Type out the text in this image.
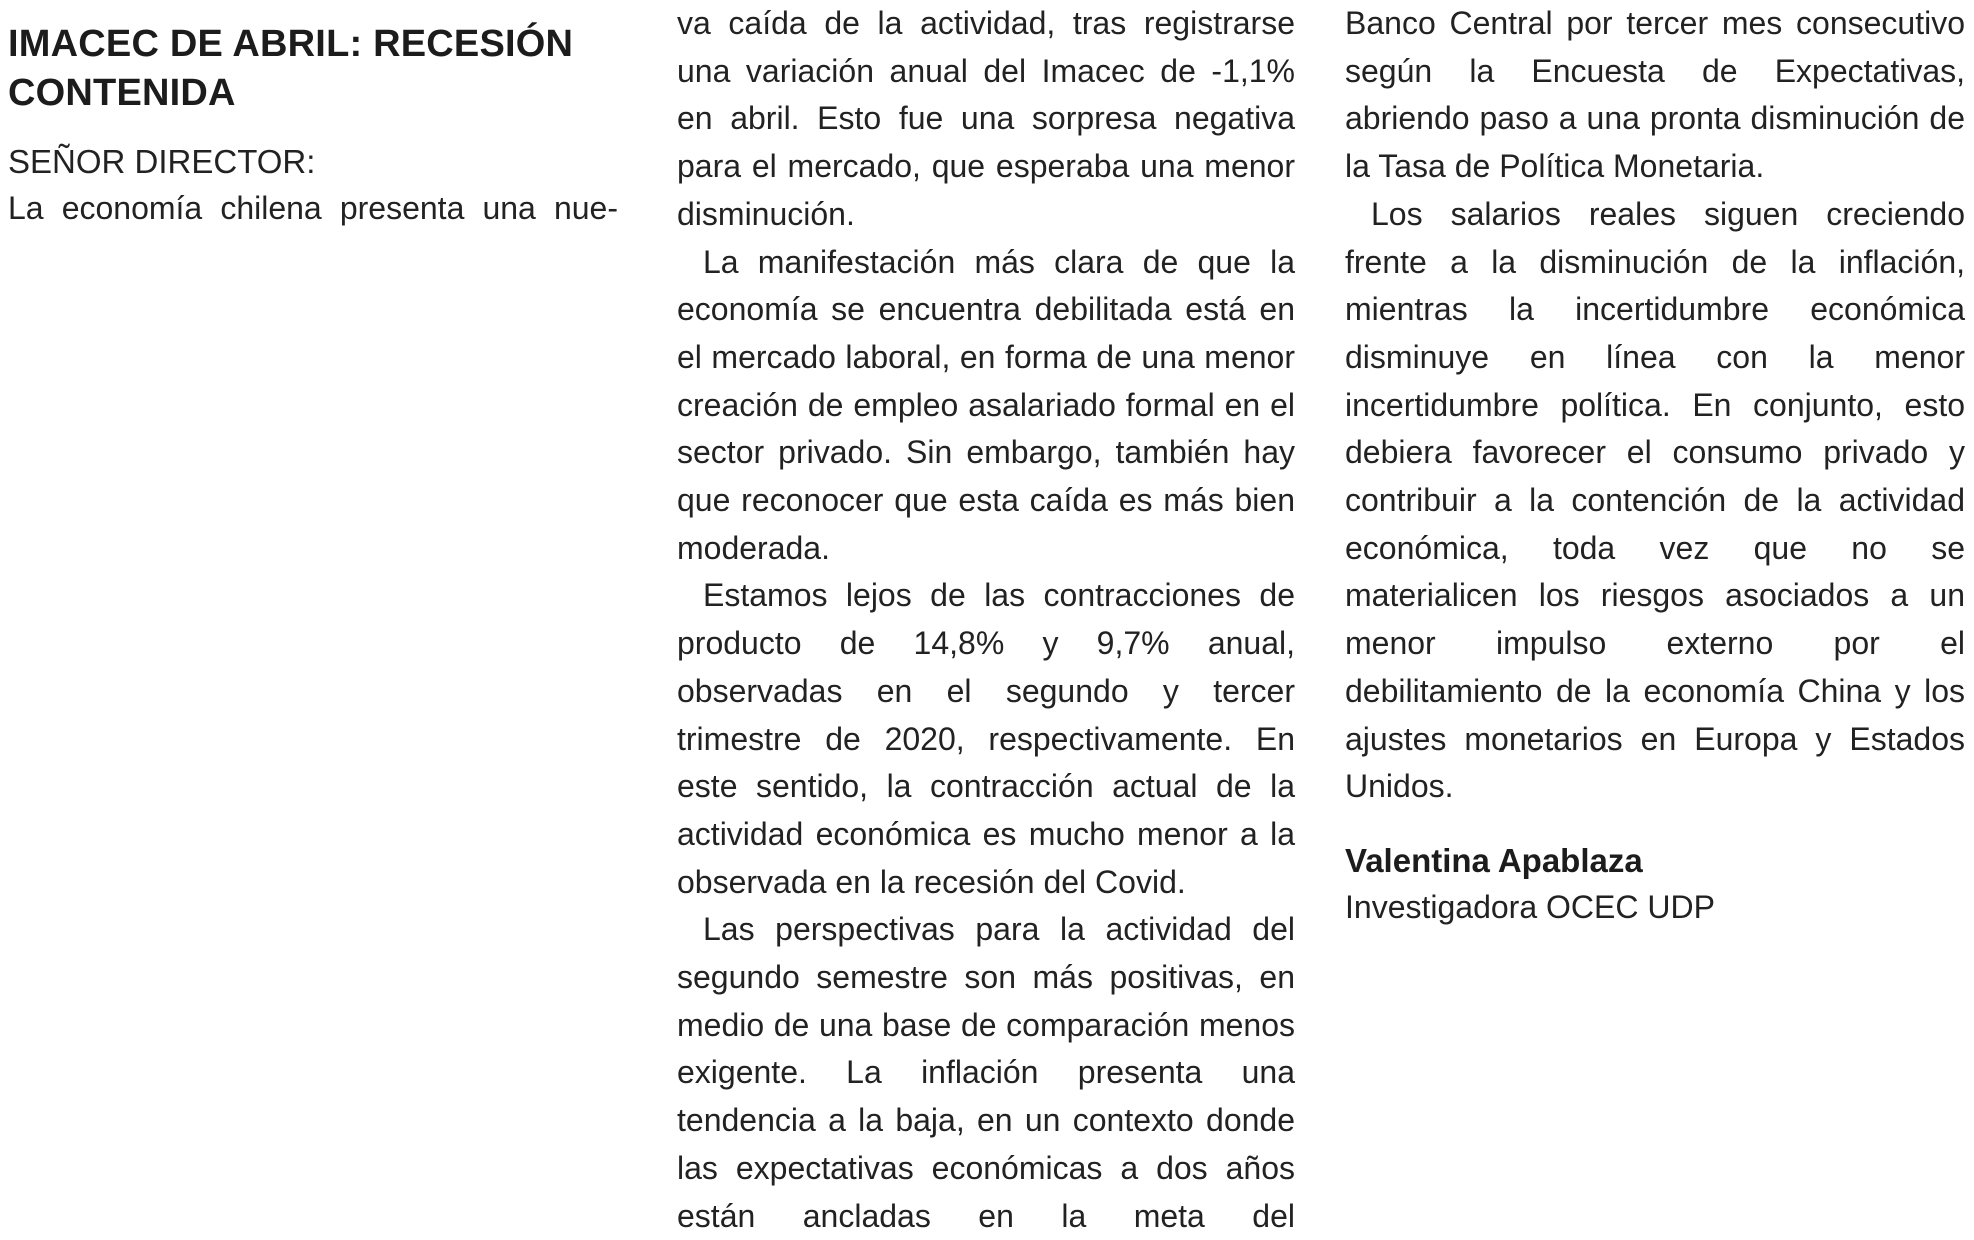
IMACEC DE ABRIL: RECESIÓN CONTENIDA

SEÑOR DIRECTOR:

La economía chilena presenta una nue-

va caída de la actividad, tras registrarse una variación anual del Imacec de -1,1% en abril. Esto fue una sorpresa negativa para el mercado, que esperaba una menor disminución.

La manifestación más clara de que la economía se encuentra debilitada está en el mercado laboral, en forma de una menor creación de empleo asalariado formal en el sector privado. Sin embargo, también hay que reconocer que esta caída es más bien moderada.

Estamos lejos de las contracciones de producto de 14,8% y 9,7% anual, observadas en el segundo y tercer trimestre de 2020, respectivamente. En este sentido, la contracción actual de la actividad económica es mucho menor a la observada en la recesión del Covid.

Las perspectivas para la actividad del segundo semestre son más positivas, en medio de una base de comparación menos exigente. La inflación presenta una tendencia a la baja, en un contexto donde las expectativas económicas a dos años están ancladas en la meta del

Banco Central por tercer mes consecutivo según la Encuesta de Expectativas, abriendo paso a una pronta disminución de la Tasa de Política Monetaria.

Los salarios reales siguen creciendo frente a la disminución de la inflación, mientras la incertidumbre económica disminuye en línea con la menor incertidumbre política. En conjunto, esto debiera favorecer el consumo privado y contribuir a la contención de la actividad económica, toda vez que no se materialicen los riesgos asociados a un menor impulso externo por el debilitamiento de la economía China y los ajustes monetarios en Europa y Estados Unidos.

Valentina Apablaza

Investigadora OCEC UDP
